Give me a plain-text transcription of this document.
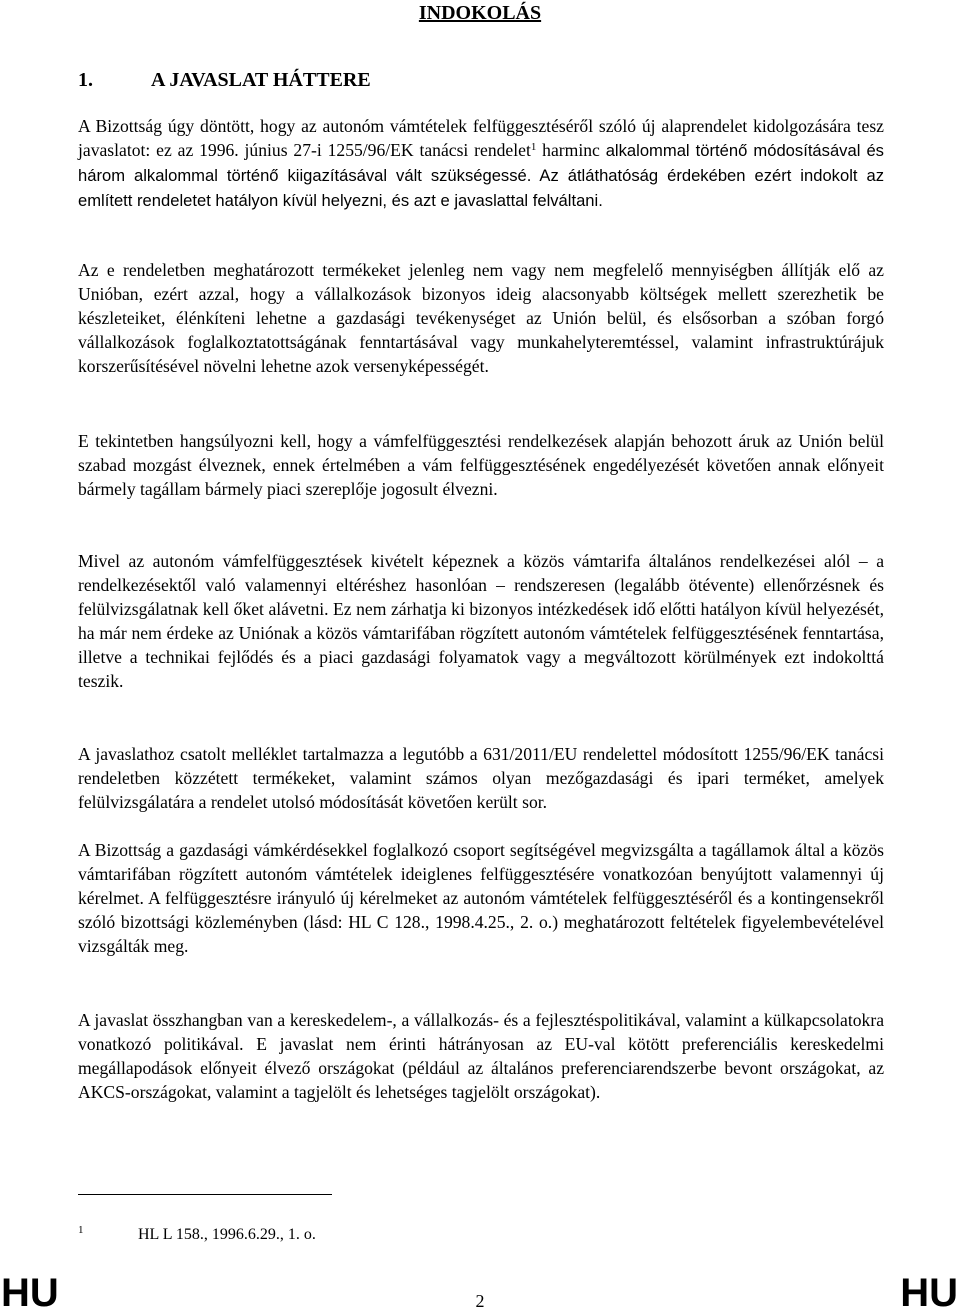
INDOKOLÁS
1.	A JAVASLAT HÁTTERE

A Bizottság úgy döntött, hogy az autonóm vámtételek felfüggesztéséről szóló új alaprendelet kidolgozására tesz javaslatot: ez az 1996. június 27-i 1255/96/EK tanácsi rendelet$^1$ harminc alkalommal történő módosításával és három alkalommal történő kiigazításával vált szükségessé. Az átláthatóság érdekében ezért indokolt az említett rendeletet hatályon kívül helyezni, és azt e javaslattal felváltani.

Az e rendeletben meghatározott termékeket jelenleg nem vagy nem megfelelő mennyiségben állítják elő az Unióban, ezért azzal, hogy a vállalkozások bizonyos ideig alacsonyabb költségek mellett szerezhetik be készleteiket, élénkíteni lehetne a gazdasági tevékenységet az Unión belül, és elsősorban a szóban forgó vállalkozások foglalkoztatottságának fenntartásával vagy munkahelyteremtéssel, valamint infrastruktúrájuk korszerűsítésével növelni lehetne azok versenyképességét.

E tekintetben hangsúlyozni kell, hogy a vámfelfüggesztési rendelkezések alapján behozott áruk az Unión belül szabad mozgást élveznek, ennek értelmében a vám felfüggesztésének engedélyezését követően annak előnyeit bármely tagállam bármely piaci szereplője jogosult élvezni.

Mivel az autonóm vámfelfüggesztések kivételt képeznek a közös vámtarifa általános rendelkezései alól – a rendelkezésektől való valamennyi eltéréshez hasonlóan – rendszeresen (legalább ötévente) ellenőrzésnek és felülvizsgálatnak kell őket alávetni. Ez nem zárhatja ki bizonyos intézkedések idő előtti hatályon kívül helyezését, ha már nem érdeke az Uniónak a közös vámtarifában rögzített autonóm vámtételek felfüggesztésének fenntartása, illetve a technikai fejlődés és a piaci gazdasági folyamatok vagy a megváltozott körülmények ezt indokolttá teszik.

A javaslathoz csatolt melléklet tartalmazza a legutóbb a 631/2011/EU rendelettel módosított 1255/96/EK tanácsi rendeletben közzétett termékeket, valamint számos olyan mezőgazdasági és ipari terméket, amelyek felülvizsgálatára a rendelet utolsó módosítását követően került sor.

A Bizottság a gazdasági vámkérdésekkel foglalkozó csoport segítségével megvizsgálta a tagállamok által a közös vámtarifában rögzített autonóm vámtételek ideiglenes felfüggesztésére vonatkozóan benyújtott valamennyi új kérelmet. A felfüggesztésre irányuló új kérelmeket az autonóm vámtételek felfüggesztéséről és a kontingensekről szóló bizottsági közleményben (lásd: HL C 128., 1998.4.25., 2. o.) meghatározott feltételek figyelembevételével vizsgálták meg.

A javaslat összhangban van a kereskedelem-, a vállalkozás- és a fejlesztéspolitikával, valamint a külkapcsolatokra vonatkozó politikával. E javaslat nem érinti hátrányosan az EU-val kötött preferenciális kereskedelmi megállapodások előnyeit élvező országokat (például az általános preferenciarendszerbe bevont országokat, az AKCS-országokat, valamint a tagjelölt és lehetséges tagjelölt országokat).

1	HL L 158., 1996.6.29., 1. o.
HU	2	HU
